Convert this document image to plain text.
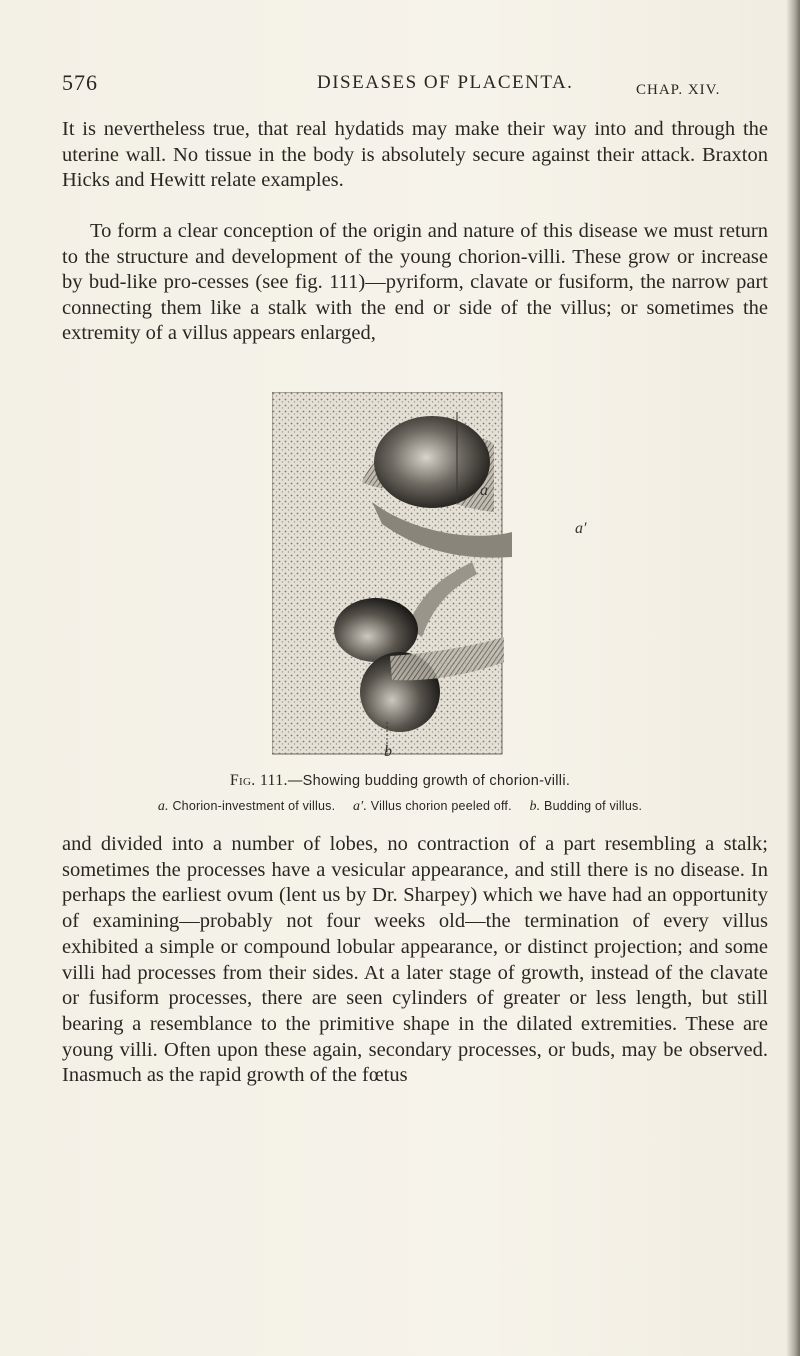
576	DISEASES OF PLACENTA.	CHAP. XIV.

It is nevertheless true, that real hydatids may make their way into and through the uterine wall. No tissue in the body is absolutely secure against their attack. Braxton Hicks and Hewitt relate examples.

To form a clear conception of the origin and nature of this disease we must return to the structure and development of the young chorion-villi. These grow or increase by bud-like pro-cesses (see fig. 111)—pyriform, clavate or fusiform, the narrow part connecting them like a stalk with the end or side of the villus; or sometimes the extremity of a villus appears enlarged,

a
a′
b
Fig. 111.—Showing budding growth of chorion-villi.
a. Chorion-investment of villus. a′. Villus chorion peeled off. b. Budding of villus.

and divided into a number of lobes, no contraction of a part resembling a stalk; sometimes the processes have a vesicular appearance, and still there is no disease. In perhaps the earliest ovum (lent us by Dr. Sharpey) which we have had an opportunity of examining—probably not four weeks old—the termination of every villus exhibited a simple or compound lobular appearance, or distinct projection; and some villi had processes from their sides. At a later stage of growth, instead of the clavate or fusiform processes, there are seen cylinders of greater or less length, but still bearing a resemblance to the primitive shape in the dilated extremities. These are young villi. Often upon these again, secondary processes, or buds, may be observed. Inasmuch as the rapid growth of the fœtus
